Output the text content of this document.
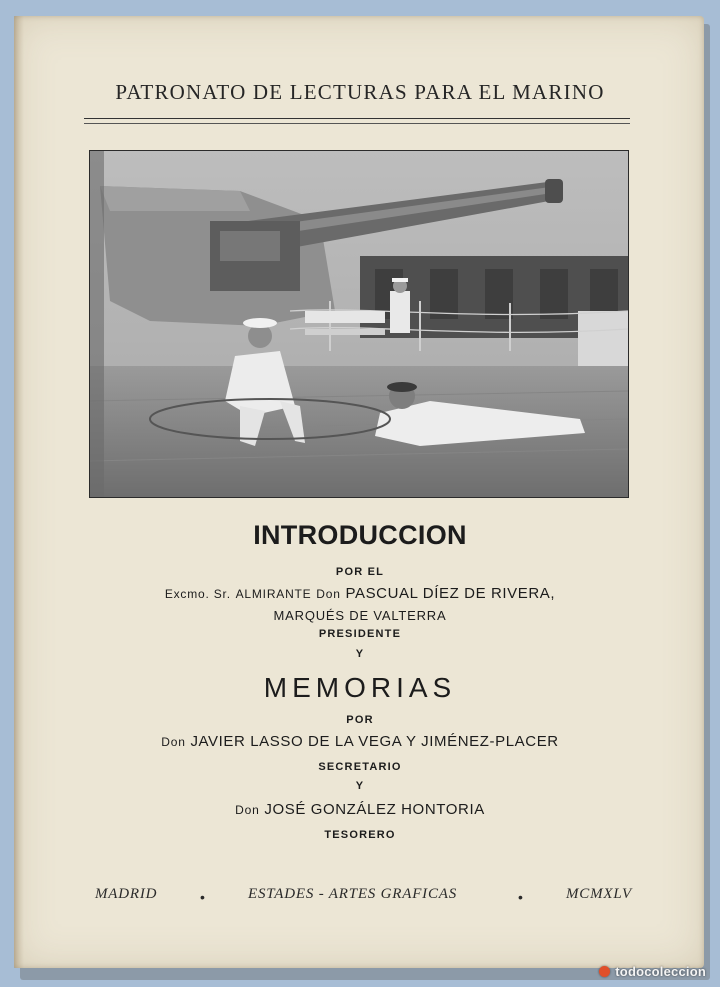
PATRONATO DE LECTURAS PARA EL MARINO
INTRODUCCION
POR EL
Excmo. Sr. ALMIRANTE Don PASCUAL DÍEZ DE RIVERA,
MARQUÉS DE VALTERRA
PRESIDENTE
Y
MEMORIAS
POR
Don JAVIER LASSO DE LA VEGA Y JIMÉNEZ-PLACER
SECRETARIO
Y
Don JOSÉ GONZÁLEZ HONTORIA
TESORERO
MADRID	•	ESTADES - ARTES GRAFICAS	•	MCMXLV
todocoleccion
